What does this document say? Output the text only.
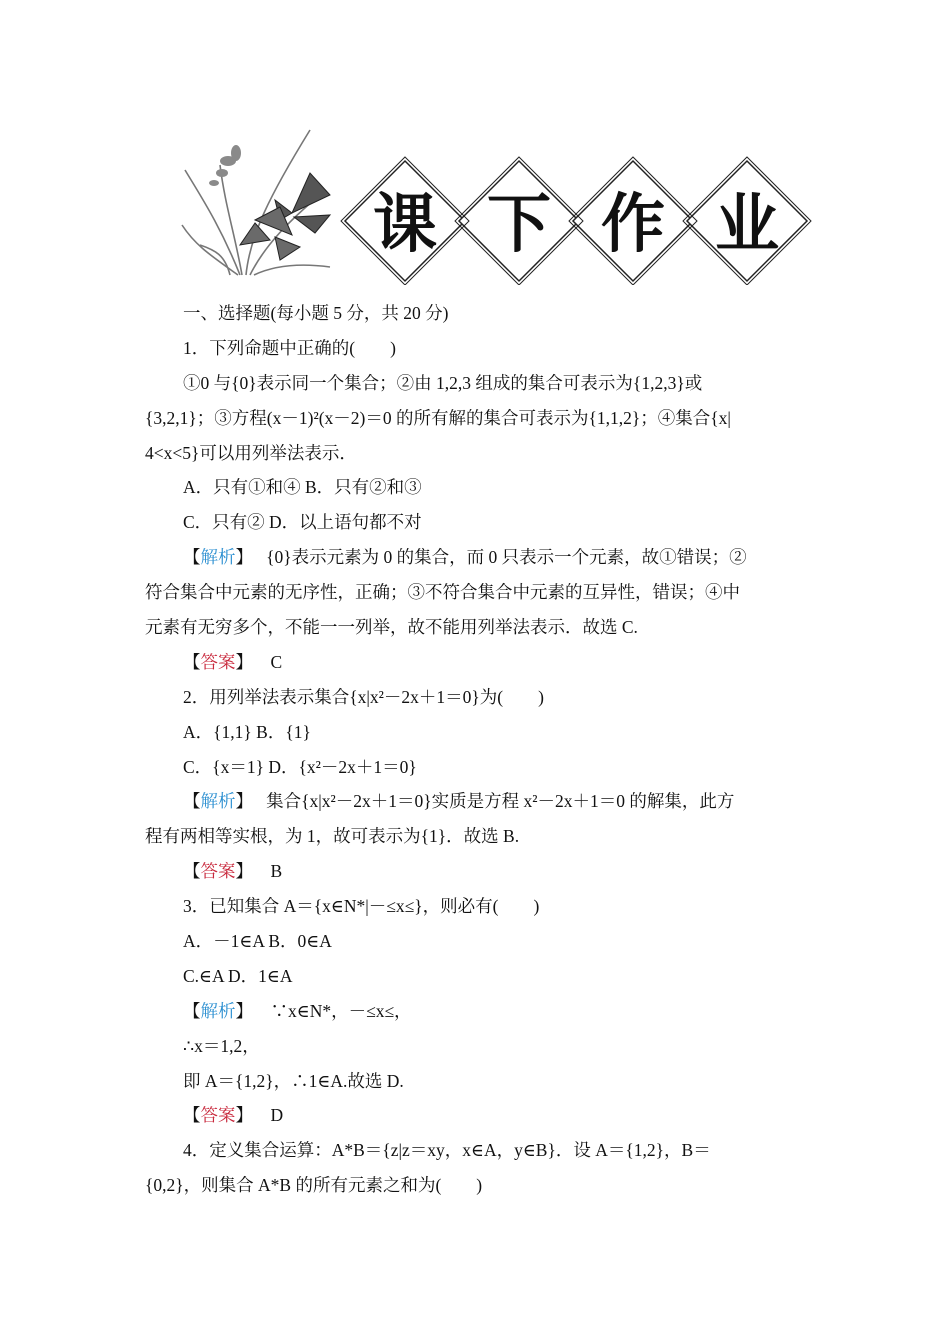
课 下 作 业
一、选择题(每小题 5 分，共 20 分)
1．下列命题中正确的(　　)
①0 与{0}表示同一个集合；②由 1,2,3 组成的集合可表示为{1,2,3}或
{3,2,1}；③方程(x－1)²(x－2)＝0 的所有解的集合可表示为{1,1,2}；④集合{x|
4<x<5}可以用列举法表示．
A．只有①和④ B．只有②和③
C．只有② D．以上语句都不对
【解析】 {0}表示元素为 0 的集合，而 0 只表示一个元素，故①错误；②
符合集合中元素的无序性，正确；③不符合集合中元素的互异性，错误；④中
元素有无穷多个，不能一一列举，故不能用列举法表示．故选 C.
【答案】 C
2．用列举法表示集合{x|x²－2x＋1＝0}为(　　)
A．{1,1} B．{1}
C．{x＝1} D．{x²－2x＋1＝0}
【解析】 集合{x|x²－2x＋1＝0}实质是方程 x²－2x＋1＝0 的解集，此方
程有两相等实根，为 1，故可表示为{1}．故选 B.
【答案】 B
3．已知集合 A＝{x∈N*|－≤x≤}，则必有(　　)
A．－1∈A B．0∈A
C.∈A D．1∈A
【解析】 ∵x∈N*，－≤x≤，
∴x＝1,2，
即 A＝{1,2}，∴1∈A.故选 D.
【答案】 D
4．定义集合运算：A*B＝{z|z＝xy，x∈A，y∈B}．设 A＝{1,2}，B＝
{0,2}，则集合 A*B 的所有元素之和为(　　)
